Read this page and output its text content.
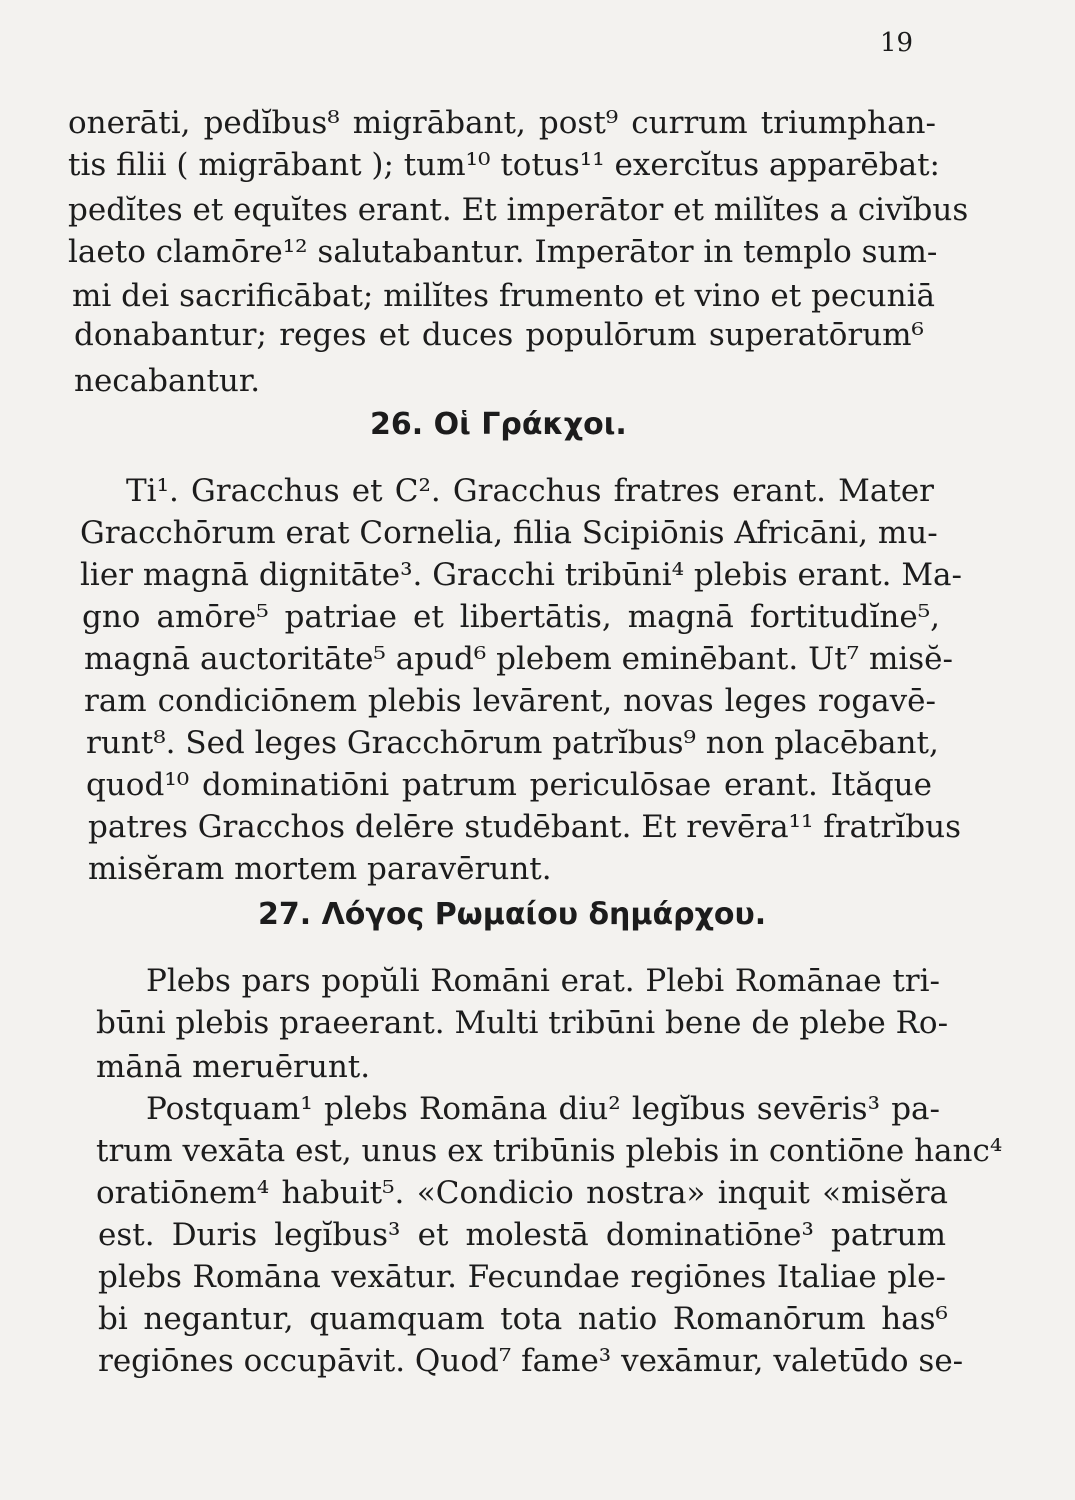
19
onerāti, pedĭbus⁸ migrābant, post⁹ currum triumphan-
tis filii ( migrābant ); tum¹⁰ totus¹¹ exercĭtus apparēbat:
pedĭtes et equĭtes erant. Et imperātor et milĭtes a civĭbus
laeto clamōre¹² salutabantur. Imperātor in templo sum-
mi dei sacrificābat; milĭtes frumento et vino et pecuniā
donabantur; reges et duces populōrum superatōrum⁶
necabantur.
26. Οἱ Γράκχοι.
Ti¹. Gracchus et C². Gracchus fratres erant. Mater
Gracchōrum erat Cornelia, filia Scipiōnis Africāni, mu-
lier magnā dignitāte³. Gracchi tribūni⁴ plebis erant. Ma-
gno amōre⁵ patriae et libertātis, magnā fortitudĭne⁵,
magnā auctoritāte⁵ apud⁶ plebem eminēbant. Ut⁷ misĕ-
ram condiciōnem plebis levārent, novas leges rogavē-
runt⁸. Sed leges Gracchōrum patrĭbus⁹ non placēbant,
quod¹⁰ dominatiōni patrum periculōsae erant. Ităque
patres Gracchos delēre studēbant. Et revēra¹¹ fratrĭbus
misĕram mortem paravērunt.
27. Λόγος Ρωμαίου δημάρχου.
Plebs pars popŭli Romāni erat. Plebi Romānae tri-
būni plebis praeerant. Multi tribūni bene de plebe Ro-
mānā meruērunt.
Postquam¹ plebs Romāna diu² legĭbus sevēris³ pa-
trum vexāta est, unus ex tribūnis plebis in contiōne hanc⁴
oratiōnem⁴ habuit⁵. «Condicio nostra» inquit «misĕra
est. Duris legĭbus³ et molestā dominatiōne³ patrum
plebs Romāna vexātur. Fecundae regiōnes Italiae ple-
bi negantur, quamquam tota natio Romanōrum has⁶
regiōnes occupāvit. Quod⁷ fame³ vexāmur, valetūdo se-
